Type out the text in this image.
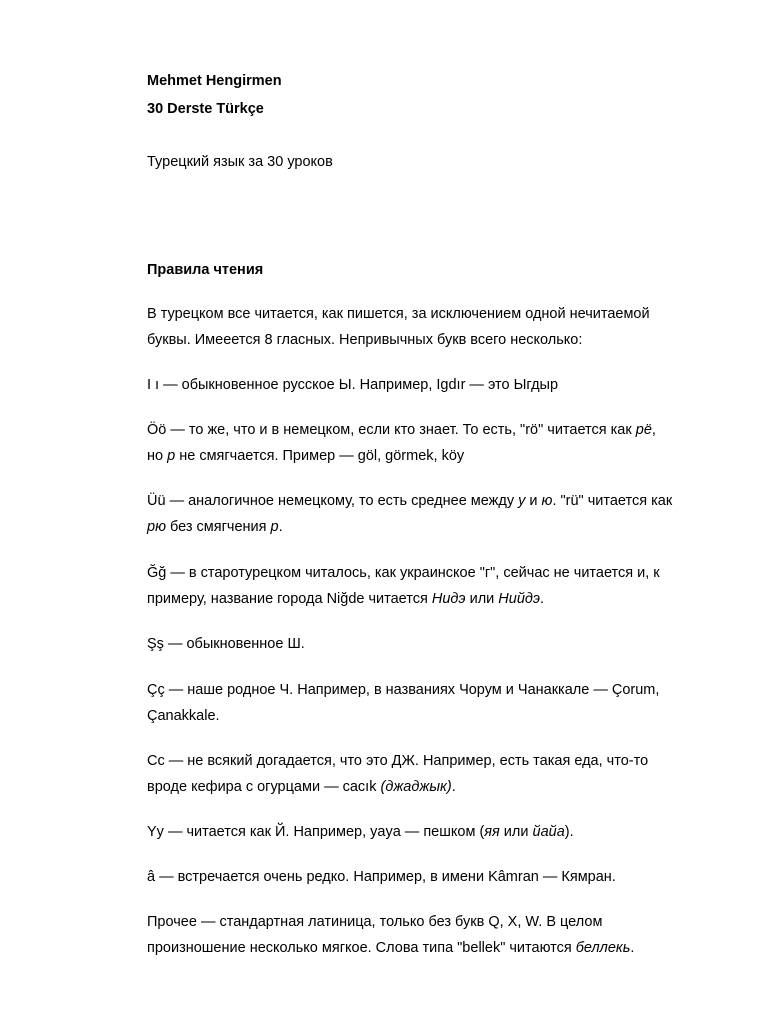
Mehmet Hengirmen
30 Derste Türkçe
Турецкий язык за 30 уроков
Правила чтения
В турецком все читается, как пишется, за исключением одной нечитаемой
буквы. Имееется 8 гласных. Непривычных букв всего несколько:
I ı — обыкновенное русское Ы. Например, Igdır — это Ыгдыр
Öö — то же, что и в немецком, если кто знает. То есть, "rö" читается как рё,
но р не смягчается. Пример — göl, görmek, köy
Üü — аналогичное немецкому, то есть среднее между у и ю. "rü" читается как
рю без смягчения р.
Ğğ — в старотурецком читалось, как украинское "г", сейчас не читается и, к
примеру, название города Niğde читается Нидэ или Нийдэ.
Şş — обыкновенное Ш.
Çç — наше родное Ч. Например, в названиях Чорум и Чанаккале — Çorum,
Çanakkale.
Cc — не всякий догадается, что это ДЖ. Например, есть такая еда, что-то
вроде кефира с огурцами — cacık (джаджык).
Yy — читается как Й. Например, yaya — пешком (яя или йайа).
â — встречается очень редко. Например, в имени Kâmran — Кямран.
Прочее — стандартная латиница, только без букв Q, X, W. В целом
произношение несколько мягкое. Слова типа "bellek" читаются беллекь.
